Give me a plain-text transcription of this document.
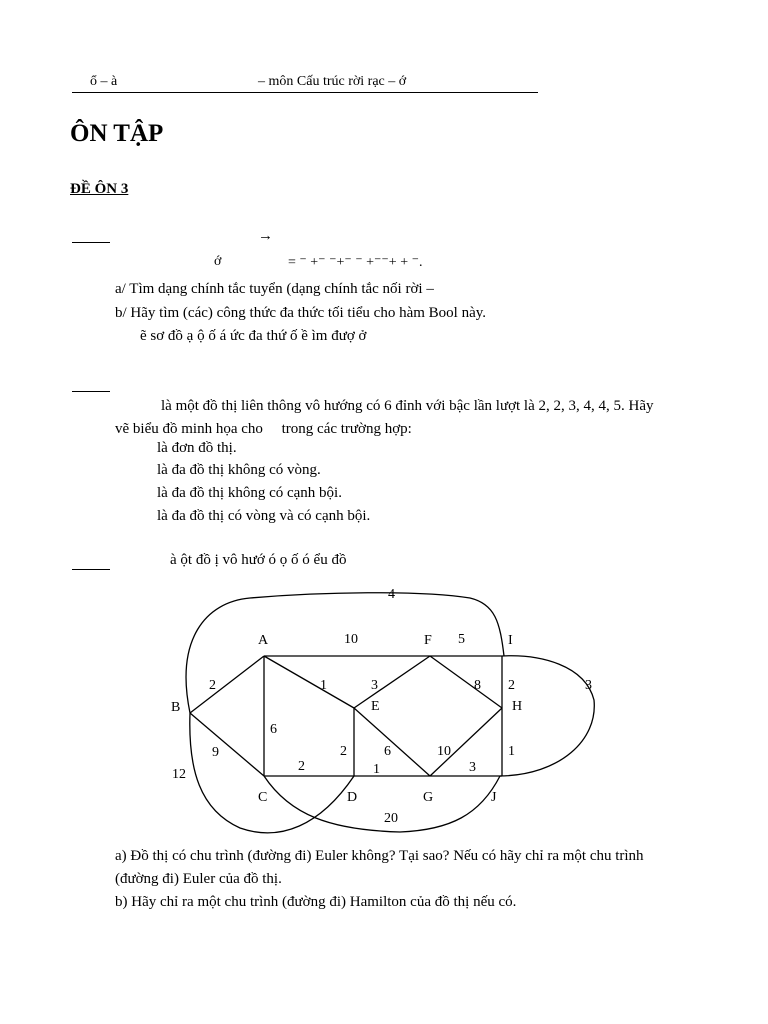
ổ – à	– môn Cấu trúc rời rạc – ớ
ÔN TẬP
ĐỀ ÔN 3
→
ớ	= ⁻ +⁻ ⁻+⁻ ⁻ +⁻⁻+ + ⁻.
a/ Tìm dạng chính tắc tuyển (dạng chính tắc nối rời –
b/ Hãy tìm (các) công thức đa thức tối tiểu cho hàm Bool này.
ẽ sơ đồ ạ ộ ố á ức đa thứ ố ề ìm đượ ở
là một đồ thị liên thông vô hướng có 6 đỉnh với bậc lần lượt là 2, 2, 3, 4, 4, 5. Hãy
vẽ biểu đồ minh họa cho     trong các trường hợp:
là đơn đồ thị.
là đa đồ thị không có vòng.
là đa đồ thị không có cạnh bội.
là đa đồ thị có vòng và có cạnh bội.
à ột đồ ị vô hướ ó ọ ố ó ểu đồ
A	F	I
B	E	H
C	D	G	J
4
10	5
2	1	3	8 2	3
6
9	2	6	10	1
12
2	1	3
20
a) Đồ thị có chu trình (đường đi) Euler không? Tại sao? Nếu có hãy chỉ ra một chu trình
(đường đi) Euler của đồ thị.
b) Hãy chỉ ra một chu trình (đường đi) Hamilton của đồ thị nếu có.
